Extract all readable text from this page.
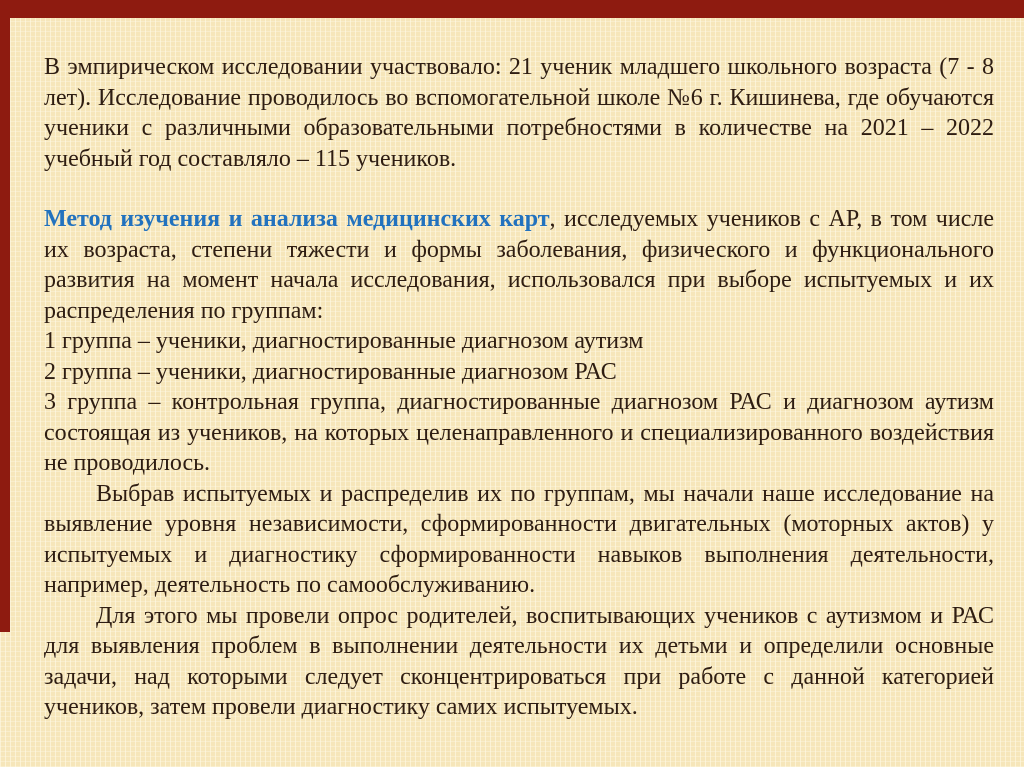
В эмпирическом исследовании участвовало: 21 ученик младшего школьного возраста (7 - 8 лет). Исследование проводилось во вспомогательной школе №6 г. Кишинева, где обучаются ученики с различными образовательными потребностями в количестве на 2021 – 2022 учебный год составляло – 115 учеников.

Метод изучения и анализа медицинских карт, исследуемых учеников с АР, в том числе их возраста, степени тяжести и формы заболевания, физического и функционального развития на момент начала исследования, использовался при выборе испытуемых и их распределения по группам:

1 группа – ученики, диагностированные диагнозом аутизм

2 группа – ученики, диагностированные диагнозом РАС

3 группа – контрольная группа, диагностированные диагнозом РАС и диагнозом аутизм состоящая из учеников, на которых целенаправленного и специализированного воздействия не проводилось.

Выбрав испытуемых и распределив их по группам, мы начали наше исследование на выявление уровня независимости, сформированности двигательных (моторных актов) у испытуемых и диагностику сформированности навыков выполнения деятельности, например, деятельность по самообслуживанию.

Для этого мы провели опрос родителей, воспитывающих учеников с аутизмом и РАС для выявления проблем в выполнении деятельности их детьми и определили основные задачи, над которыми следует сконцентрироваться при работе с данной категорией учеников, затем провели диагностику самих испытуемых.
